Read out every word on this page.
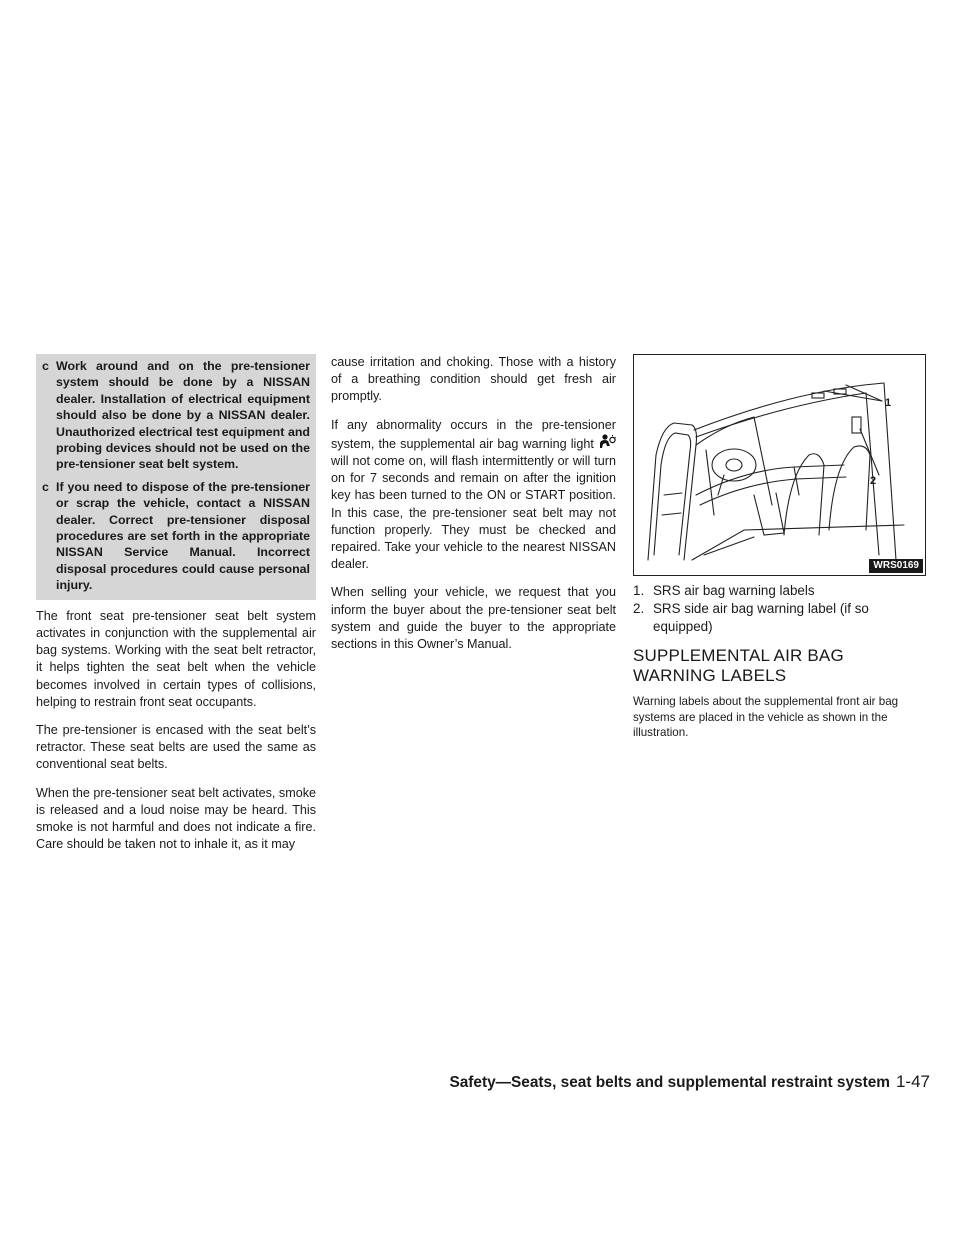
c Work around and on the pre-tensioner system should be done by a NISSAN dealer. Installation of electrical equipment should also be done by a NISSAN dealer. Unauthorized electrical test equipment and probing devices should not be used on the pre-tensioner seat belt system.
c If you need to dispose of the pre-tensioner or scrap the vehicle, contact a NISSAN dealer. Correct pre-tensioner disposal procedures are set forth in the appropriate NISSAN Service Manual. Incorrect disposal procedures could cause personal injury.

The front seat pre-tensioner seat belt system activates in conjunction with the supplemental air bag systems. Working with the seat belt retractor, it helps tighten the seat belt when the vehicle becomes involved in certain types of collisions, helping to restrain front seat occupants.

The pre-tensioner is encased with the seat belt’s retractor. These seat belts are used the same as conventional seat belts.

When the pre-tensioner seat belt activates, smoke is released and a loud noise may be heard. This smoke is not harmful and does not indicate a fire. Care should be taken not to inhale it, as it may

cause irritation and choking. Those with a history of a breathing condition should get fresh air promptly.

If any abnormality occurs in the pre-tensioner system, the supplemental air bag warning light  will not come on, will flash intermittently or will turn on for 7 seconds and remain on after the ignition key has been turned to the ON or START position. In this case, the pre-tensioner seat belt may not function properly. They must be checked and repaired. Take your vehicle to the nearest NISSAN dealer.

When selling your vehicle, we request that you inform the buyer about the pre-tensioner seat belt system and guide the buyer to the appropriate sections in this Owner’s Manual.

1
2
WRS0169
1. SRS air bag warning labels
2. SRS side air bag warning label (if so equipped)
SUPPLEMENTAL AIR BAG WARNING LABELS

Warning labels about the supplemental front air bag systems are placed in the vehicle as shown in the illustration.

Safety—Seats, seat belts and supplemental restraint system 1-47
